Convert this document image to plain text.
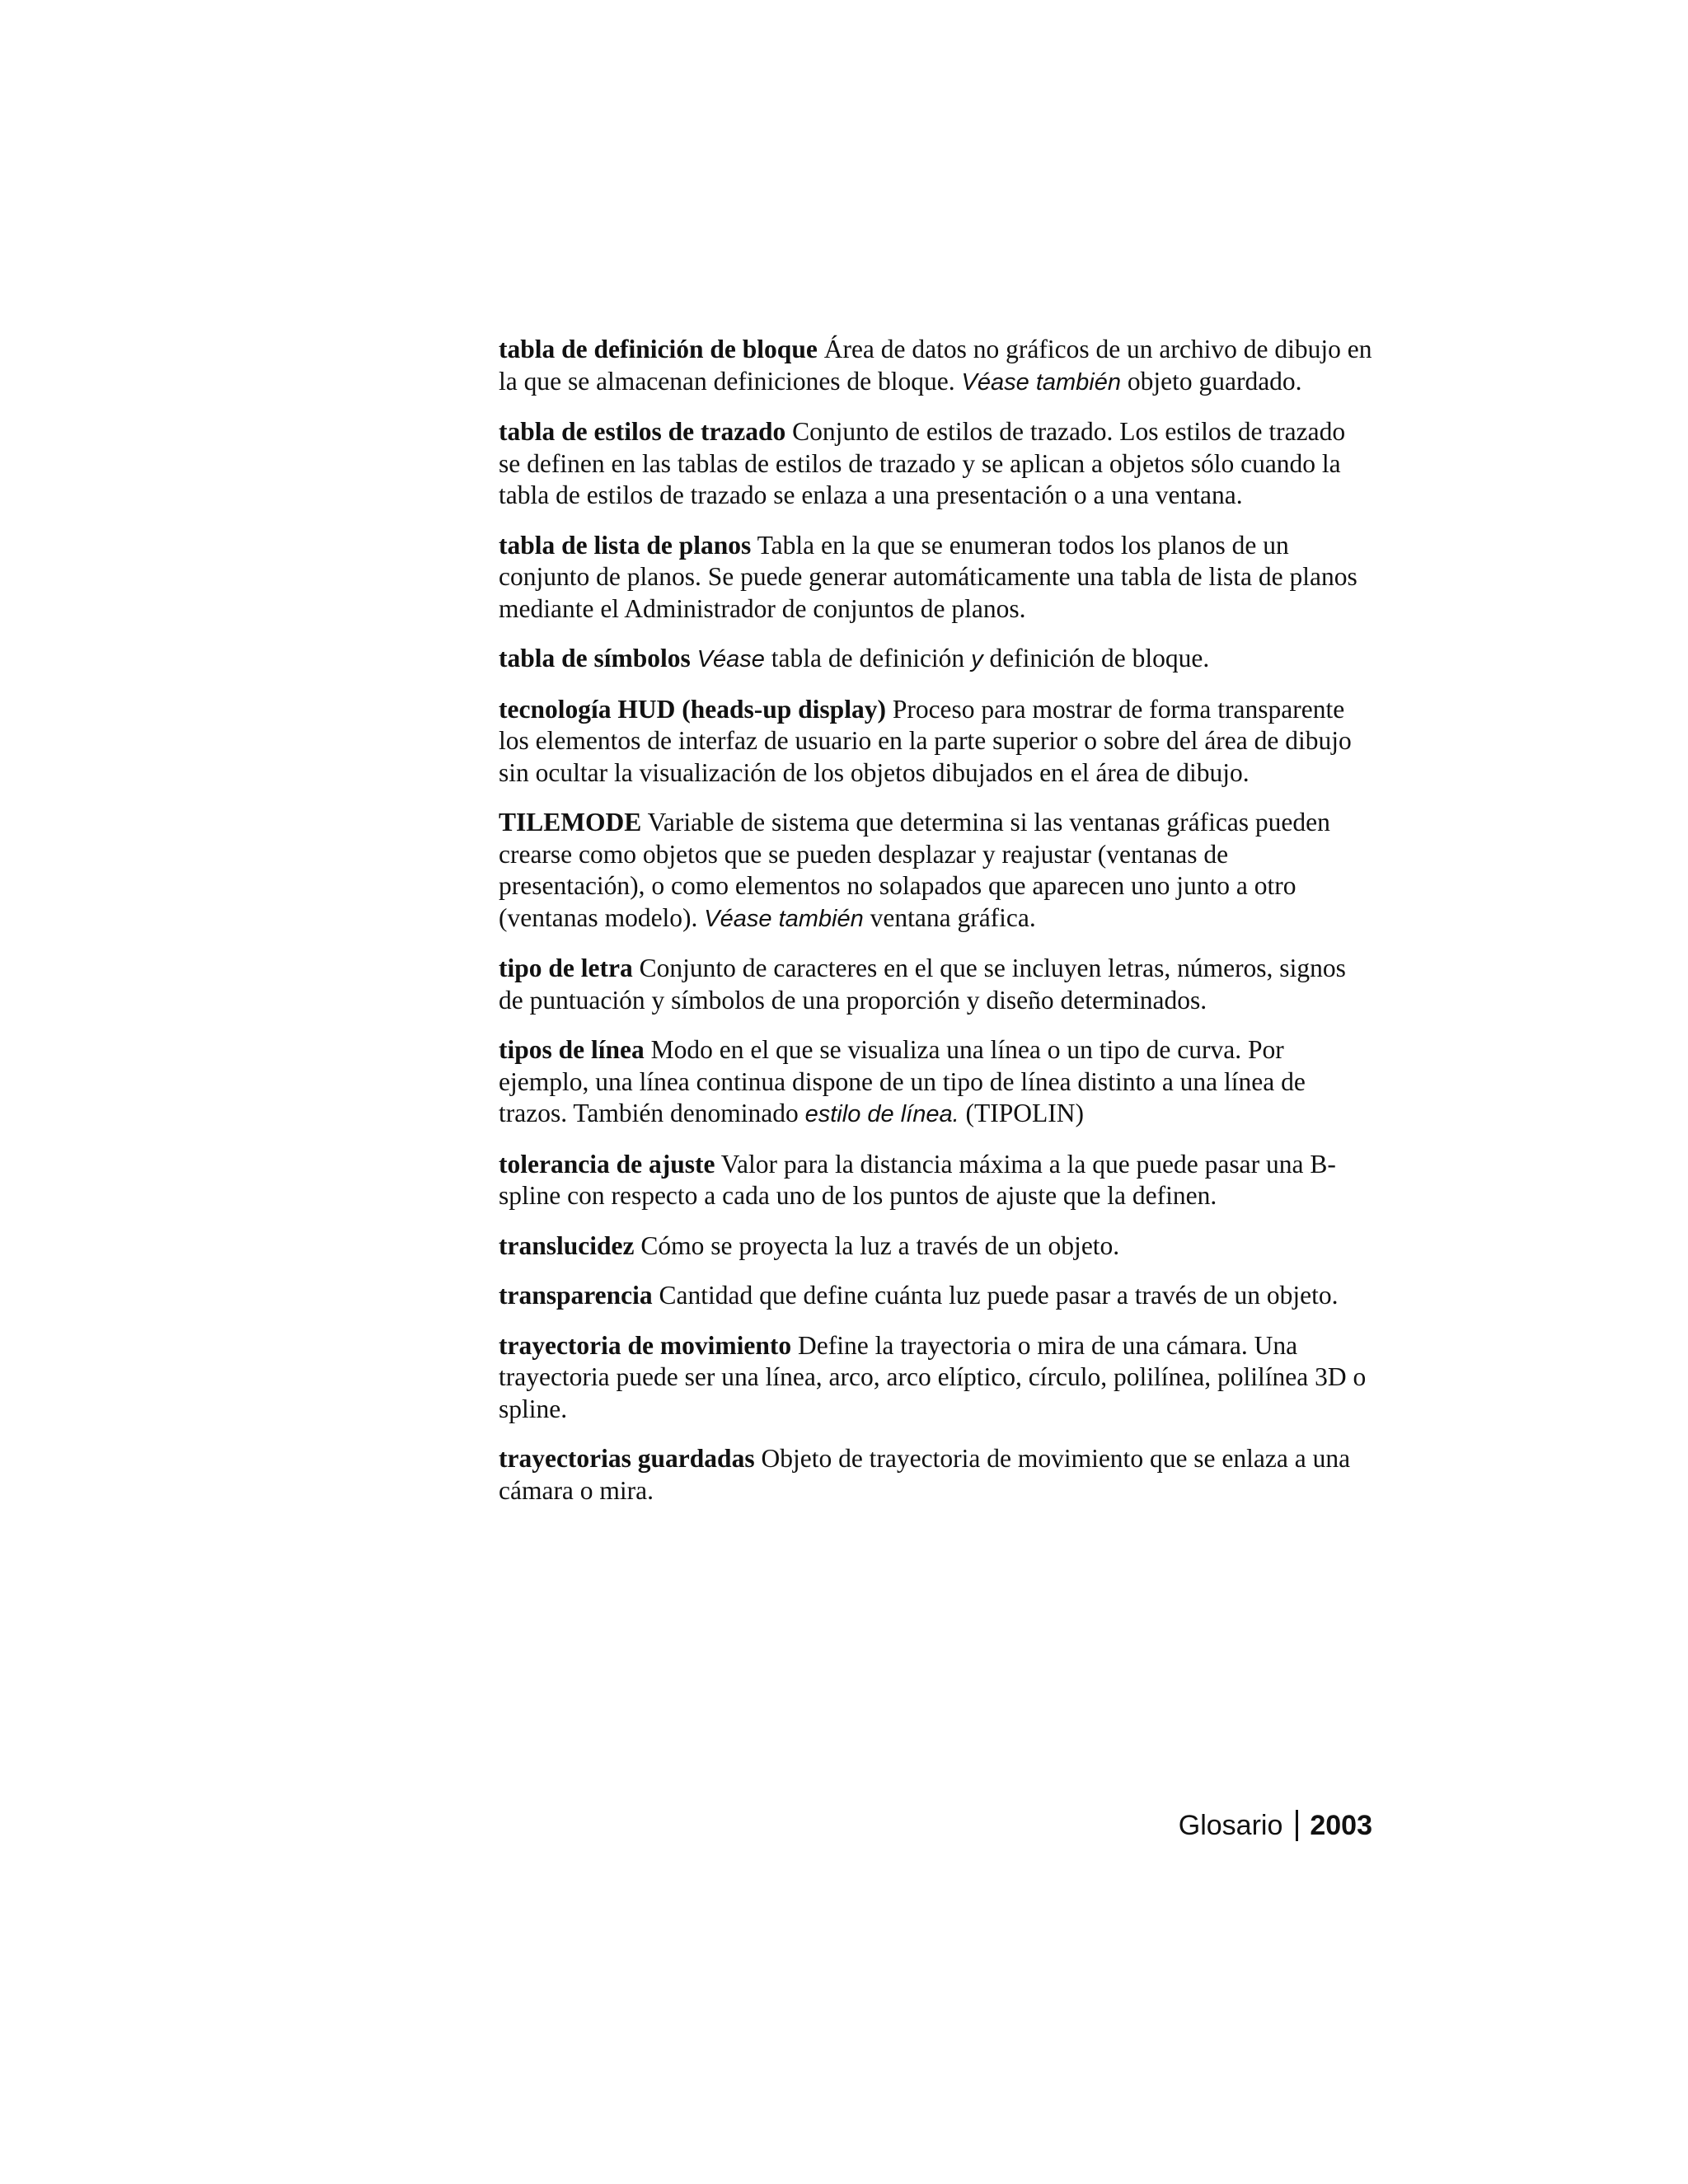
tabla de definición de bloque Área de datos no gráficos de un archivo de dibujo en la que se almacenan definiciones de bloque. Véase también objeto guardado.

tabla de estilos de trazado Conjunto de estilos de trazado. Los estilos de trazado se definen en las tablas de estilos de trazado y se aplican a objetos sólo cuando la tabla de estilos de trazado se enlaza a una presentación o a una ventana.

tabla de lista de planos Tabla en la que se enumeran todos los planos de un conjunto de planos. Se puede generar automáticamente una tabla de lista de planos mediante el Administrador de conjuntos de planos.

tabla de símbolos Véase tabla de definición y definición de bloque.

tecnología HUD (heads-up display) Proceso para mostrar de forma transparente los elementos de interfaz de usuario en la parte superior o sobre del área de dibujo sin ocultar la visualización de los objetos dibujados en el área de dibujo.

TILEMODE Variable de sistema que determina si las ventanas gráficas pueden crearse como objetos que se pueden desplazar y reajustar (ventanas de presentación), o como elementos no solapados que aparecen uno junto a otro (ventanas modelo). Véase también ventana gráfica.

tipo de letra Conjunto de caracteres en el que se incluyen letras, números, signos de puntuación y símbolos de una proporción y diseño determinados.

tipos de línea Modo en el que se visualiza una línea o un tipo de curva. Por ejemplo, una línea continua dispone de un tipo de línea distinto a una línea de trazos. También denominado estilo de línea. (TIPOLIN)

tolerancia de ajuste Valor para la distancia máxima a la que puede pasar una B-spline con respecto a cada uno de los puntos de ajuste que la definen.

translucidez Cómo se proyecta la luz a través de un objeto.

transparencia Cantidad que define cuánta luz puede pasar a través de un objeto.

trayectoria de movimiento Define la trayectoria o mira de una cámara. Una trayectoria puede ser una línea, arco, arco elíptico, círculo, polilínea, polilínea 3D o spline.

trayectorias guardadas Objeto de trayectoria de movimiento que se enlaza a una cámara o mira.

Glosario 2003
